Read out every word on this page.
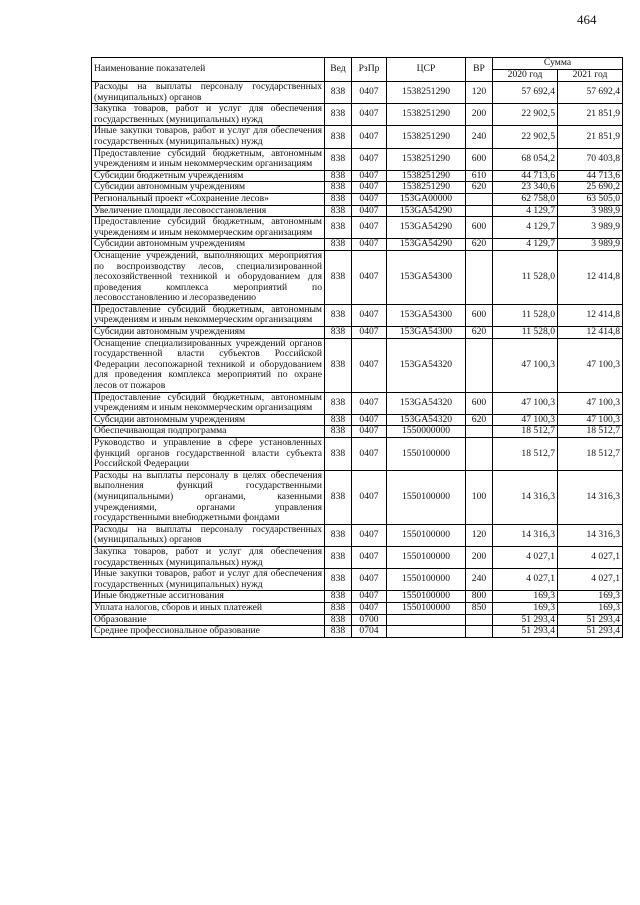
464
Наименование показателей	Вед	РзПр	ЦСР	ВР	Сумма	
					2020 год	2021 год
Расходы на выплаты персоналу государственных (муниципальных) органов	838	0407	1538251290	120	57 692,4	57 692,4
Закупка товаров, работ и услуг для обеспечения государственных (муниципальных) нужд	838	0407	1538251290	200	22 902,5	21 851,9
Иные закупки товаров, работ и услуг для обеспечения государственных (муниципальных) нужд	838	0407	1538251290	240	22 902,5	21 851,9
Предоставление субсидий бюджетным, автономным учреждениям и иным некоммерческим организациям	838	0407	1538251290	600	68 054,2	70 403,8
Субсидии бюджетным учреждениям	838	0407	1538251290	610	44 713,6	44 713,6
Субсидии автономным учреждениям	838	0407	1538251290	620	23 340,6	25 690,2
Региональный проект «Сохранение лесов»	838	0407	153GA00000		62 758,0	63 505,0
Увеличение площади лесовосстановления	838	0407	153GA54290		4 129,7	3 989,9
Предоставление субсидий бюджетным, автономным учреждениям и иным некоммерческим организациям	838	0407	153GA54290	600	4 129,7	3 989,9
Субсидии автономным учреждениям	838	0407	153GA54290	620	4 129,7	3 989,9
Оснащение учреждений, выполняющих мероприятия по воспроизводству лесов, специализированной лесохозяйственной техникой и оборудованием для проведения комплекса мероприятий по лесовосстановлению и лесоразведению	838	0407	153GA54300		11 528,0	12 414,8
Предоставление субсидий бюджетным, автономным учреждениям и иным некоммерческим организациям	838	0407	153GA54300	600	11 528,0	12 414,8
Субсидии автономным учреждениям	838	0407	153GA54300	620	11 528,0	12 414,8
Оснащение специализированных учреждений органов государственной власти субъектов Российской Федерации лесопожарной техникой и оборудованием для проведения комплекса мероприятий по охране лесов от пожаров	838	0407	153GA54320		47 100,3	47 100,3
Предоставление субсидий бюджетным, автономным учреждениям и иным некоммерческим организациям	838	0407	153GA54320	600	47 100,3	47 100,3
Субсидии автономным учреждениям	838	0407	153GA54320	620	47 100,3	47 100,3
Обеспечивающая подпрограмма	838	0407	1550000000		18 512,7	18 512,7
Руководство и управление в сфере установленных функций органов государственной власти субъекта Российской Федерации	838	0407	1550100000		18 512,7	18 512,7
Расходы на выплаты персоналу в целях обеспечения выполнения функций государственными (муниципальными) органами, казенными учреждениями, органами управления государственными внебюджетными фондами	838	0407	1550100000	100	14 316,3	14 316,3
Расходы на выплаты персоналу государственных (муниципальных) органов	838	0407	1550100000	120	14 316,3	14 316,3
Закупка товаров, работ и услуг для обеспечения государственных (муниципальных) нужд	838	0407	1550100000	200	4 027,1	4 027,1
Иные закупки товаров, работ и услуг для обеспечения государственных (муниципальных) нужд	838	0407	1550100000	240	4 027,1	4 027,1
Иные бюджетные ассигнования	838	0407	1550100000	800	169,3	169,3
Уплата налогов, сборов и иных платежей	838	0407	1550100000	850	169,3	169,3
Образование	838	0700			51 293,4	51 293,4
Среднее профессиональное образование	838	0704			51 293,4	51 293,4
